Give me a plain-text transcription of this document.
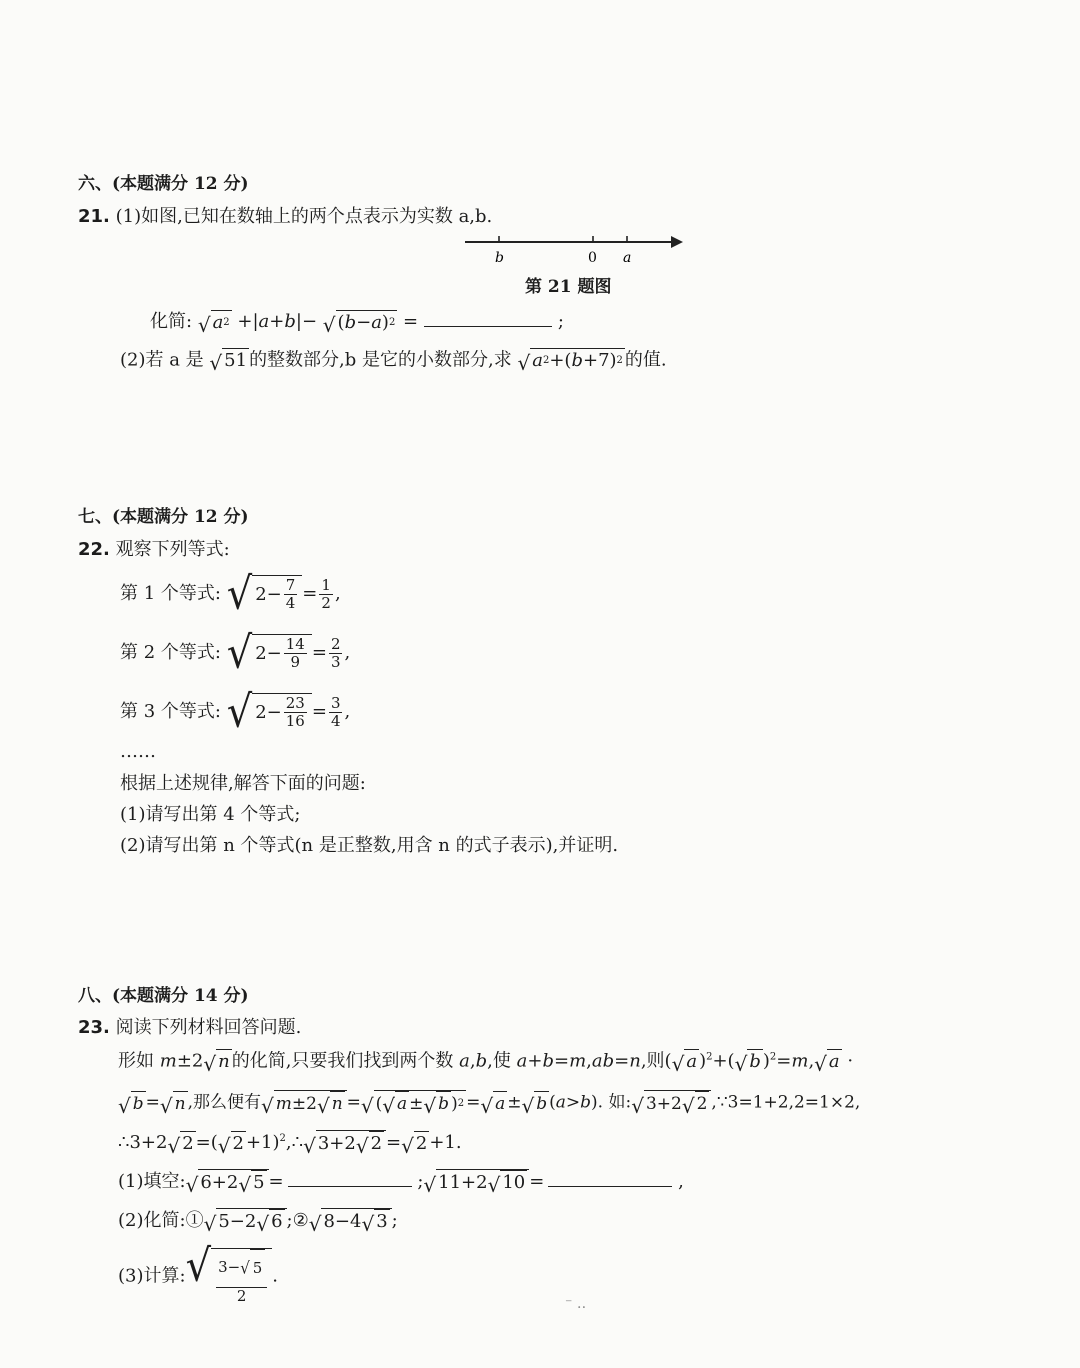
六、(本题满分 12 分)
21. (1)如图,已知在数轴上的两个点表示为实数 a,b.
b	0 a
第 21 题图
化简: √ a 2 +|a+b|− √ ( b − a ) 2 =	;
(2)若 a 是 √ 51 的整数部分,b 是它的小数部分,求 √ a 2 +( b +7) 2 的值.
七、(本题满分 12 分)
22. 观察下列等式:
第 1 个等式: √ $2- \frac{7}{4} = \frac{1}{2}$ ,
第 2 个等式: √ $2- \frac{14}{9} = \frac{2}{3}$ ,
第 3 个等式: √ $2- \frac{23}{16} = \frac{3}{4}$ ,
……
根据上述规律,解答下面的问题:
(1)请写出第 4 个等式;
(2)请写出第 n 个等式(n 是正整数,用含 n 的式子表示),并证明.
八、(本题满分 14 分)
23. 阅读下列材料回答问题.
形如 m±2 √ n 的化简,只要我们找到两个数 a,b,使 a+b=m,ab=n,则( √ a )$^2$+( √ b )$^2$=m, √ a ·
√ b = √ n ,那么便有 √ m ±2 √ n = √ ( √ a ± √ b ) 2 = √ a ± √ b (a>b). 如: √ 3+2 √ 2 ,∵3=1+2,2=1×2,
∴3+2 √ 2 =( √ 2 +1)$^2$,∴ √ 3+2 √ 2 = √ 2 +1.
(1)填空: √ 6+2 √ 5 =	; √ 11+2 √ 10 =	,
(2)化简:① √ 5−2 √ 6 ;② √ 8−4 √ 3 ;
(3)计算: √ $\frac{3- √ 5}{2}$ .
⁻ ‥
